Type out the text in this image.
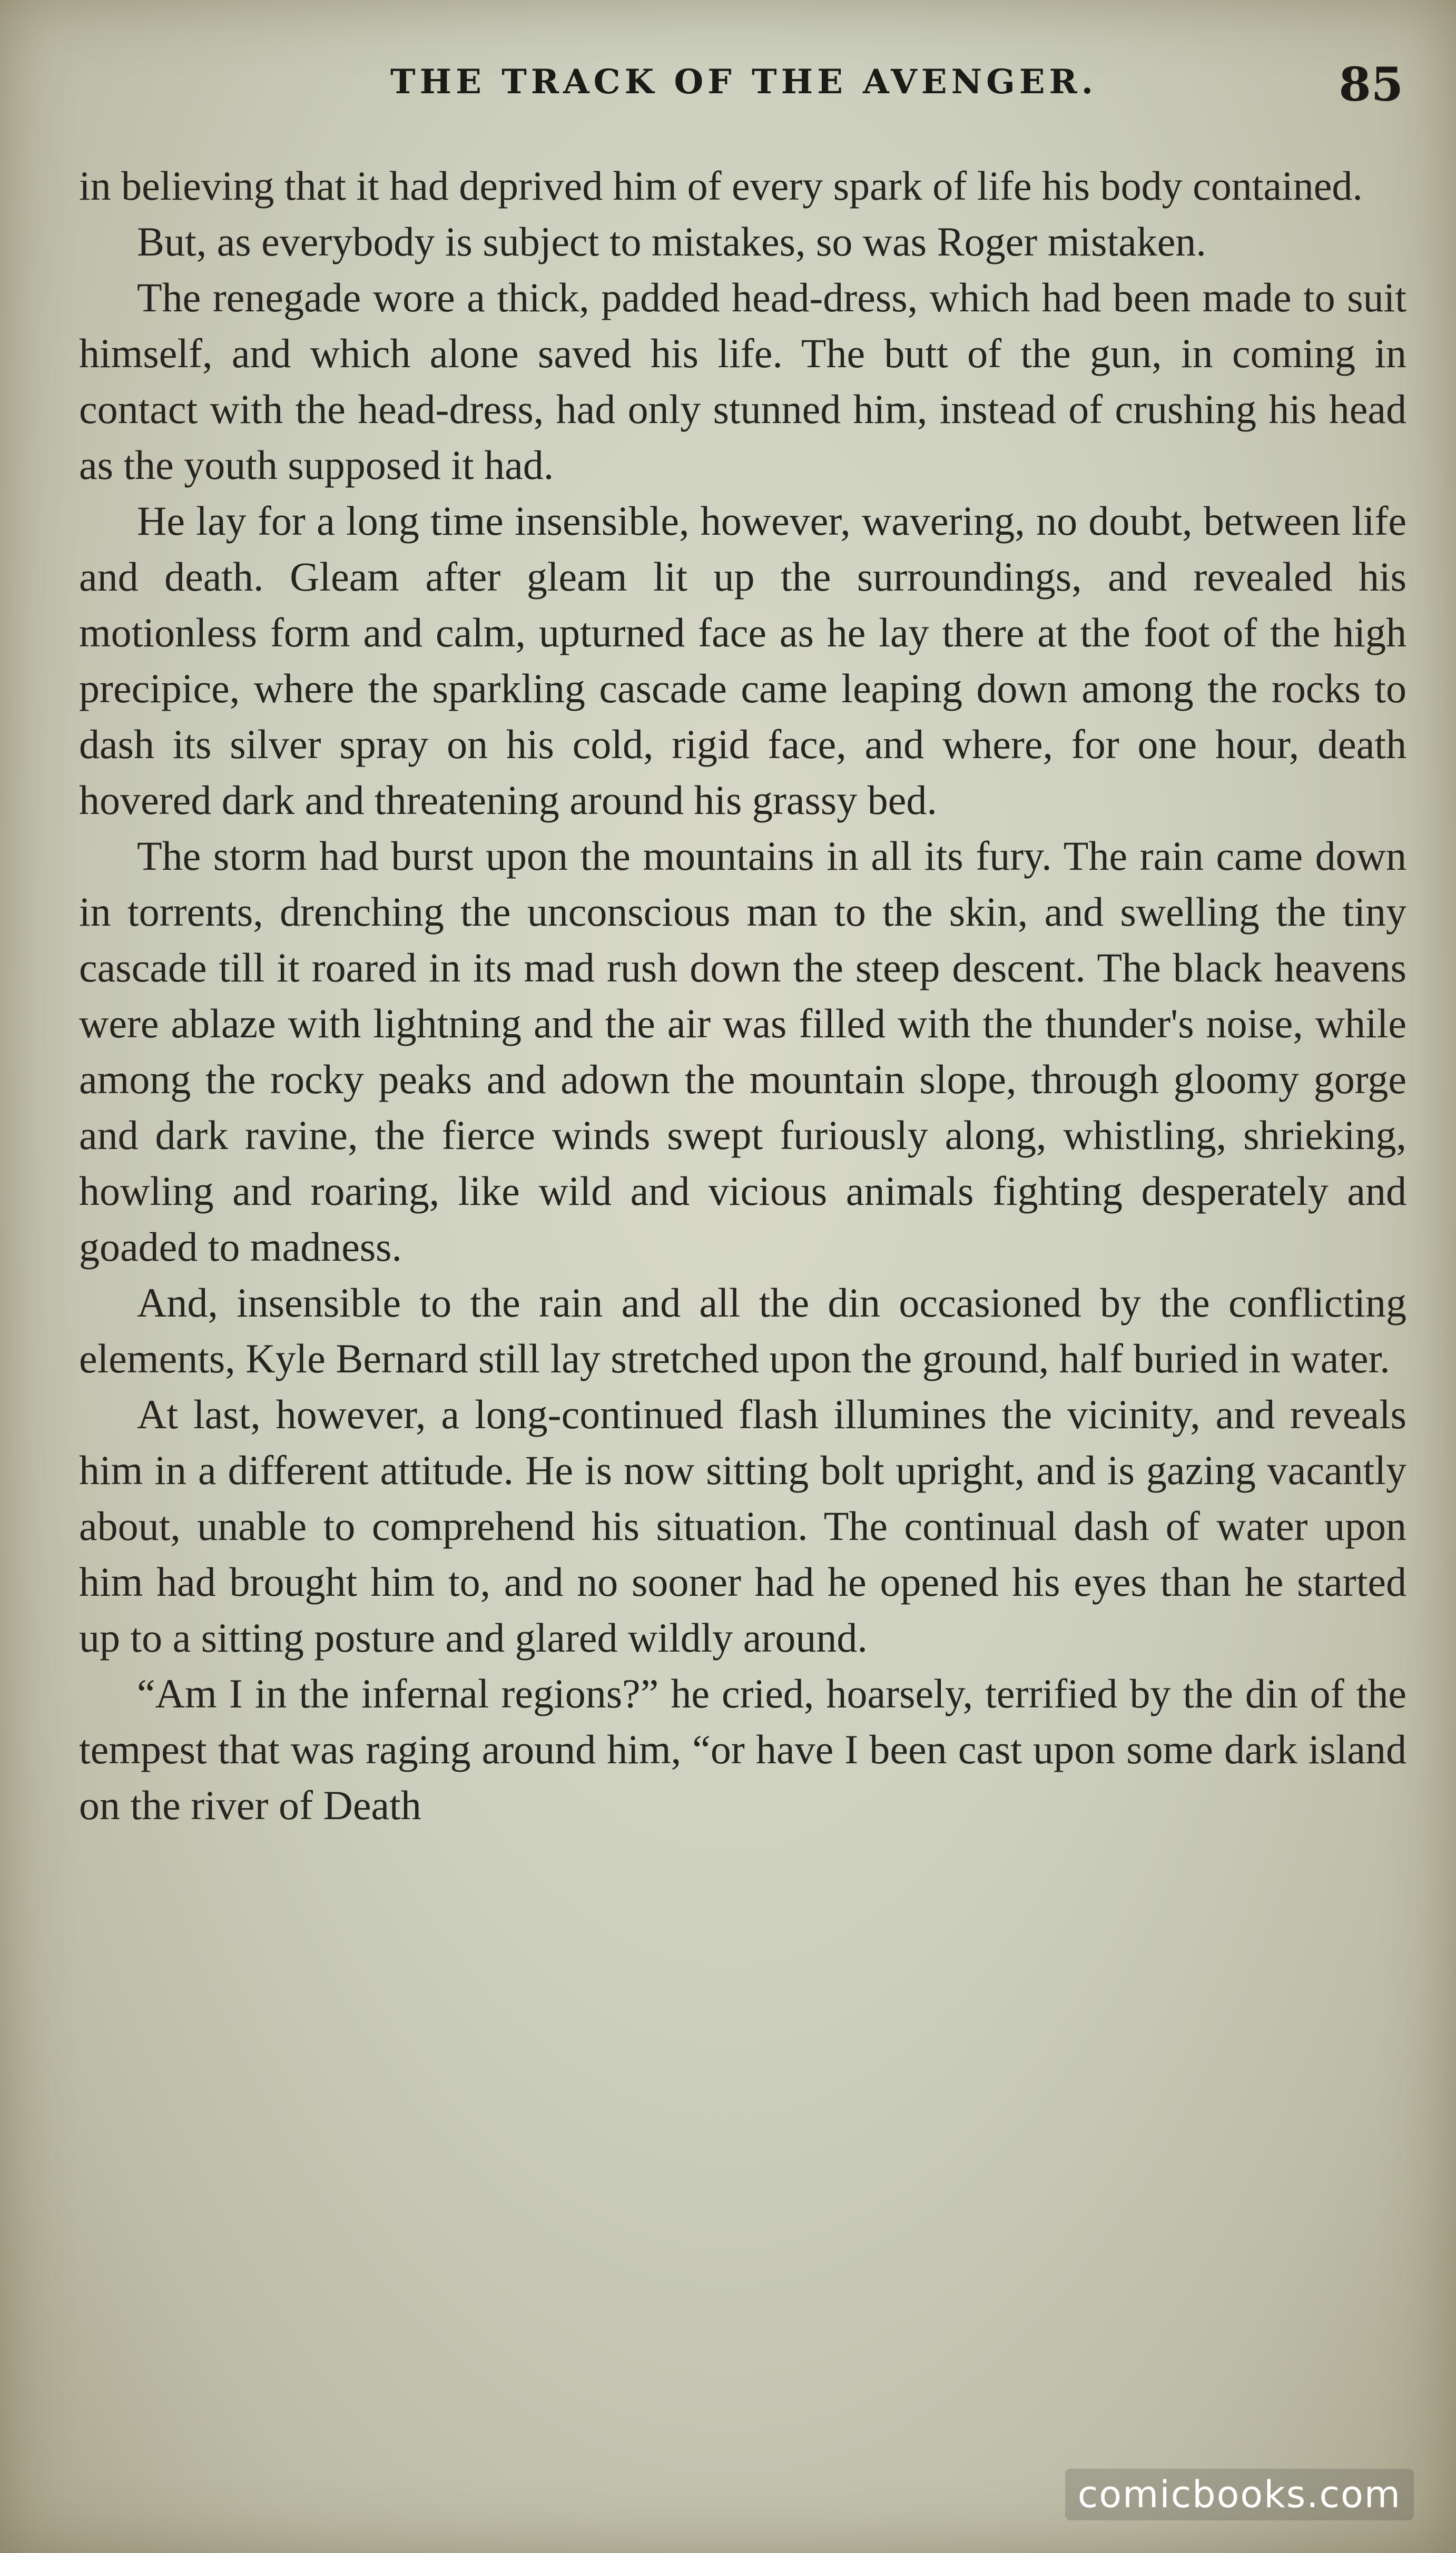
THE TRACK OF THE AVENGER.	85

in believing that it had deprived him of every spark of life his body contained.

But, as everybody is subject to mistakes, so was Roger mistaken.

The renegade wore a thick, padded head-dress, which had been made to suit himself, and which alone saved his life. The butt of the gun, in coming in contact with the head-dress, had only stunned him, instead of crushing his head as the youth supposed it had.

He lay for a long time insensible, however, wavering, no doubt, between life and death. Gleam after gleam lit up the surroundings, and revealed his motionless form and calm, upturned face as he lay there at the foot of the high precipice, where the sparkling cascade came leaping down among the rocks to dash its silver spray on his cold, rigid face, and where, for one hour, death hovered dark and threatening around his grassy bed.

The storm had burst upon the mountains in all its fury. The rain came down in torrents, drenching the unconscious man to the skin, and swelling the tiny cascade till it roared in its mad rush down the steep descent. The black heavens were ablaze with lightning and the air was filled with the thunder's noise, while among the rocky peaks and adown the mountain slope, through gloomy gorge and dark ravine, the fierce winds swept furiously along, whistling, shrieking, howling and roaring, like wild and vicious animals fighting desperately and goaded to madness.

And, insensible to the rain and all the din occasioned by the conflicting elements, Kyle Bernard still lay stretched upon the ground, half buried in water.

At last, however, a long-continued flash illumines the vicinity, and reveals him in a different attitude. He is now sitting bolt upright, and is gazing vacantly about, unable to comprehend his situation. The continual dash of water upon him had brought him to, and no sooner had he opened his eyes than he started up to a sitting posture and glared wildly around.

“Am I in the infernal regions?” he cried, hoarsely, terrified by the din of the tempest that was raging around him, “or have I been cast upon some dark island on the river of Death

comicbooks.com
